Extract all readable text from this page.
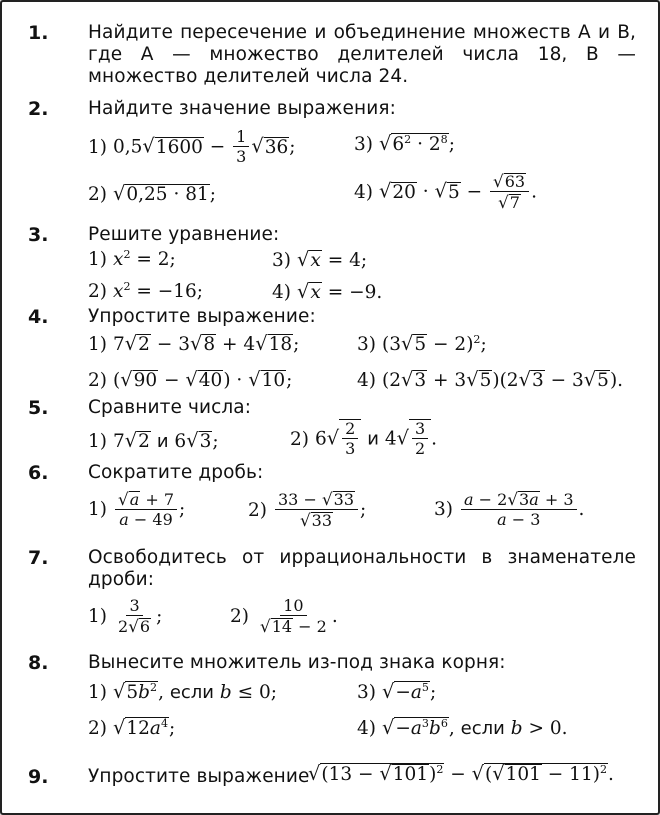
1. Найдите пересечение и объединение множеств A и B, где A — множество делителей числа 18, B — множество делителей числа 24.
2. Найдите значение выражения:
1) $0,5√1600 - \frac{1}{3} √36$;	3) $√6^2 \cdot 2^8$;
2) √0,25 · 81;	4) $√20 \cdot √5 - \frac{√63}{√7}$ .
3. Решите уравнение:
1) $x^2 = 2$;	3) √x = 4;
2) $x^2 = -16$;	4) √x = −9.
4. Упростите выражение:
1) 7√2 − 3√8 + 4√18;	3) $(3√5 - 2)^2$;
2) (√90 − √40) · √10;	4) (2√3 + 3√5)(2√3 − 3√5).
5. Сравните числа:
1) 7√2 и 6√3;	2) $6√ \frac{2}{3}$ и $4√ \frac{3}{2}$ .
6. Сократите дробь:
$1) \frac{√a + 7}{a - 49}$ ;	$2) \frac{33 - √33}{√33}$ ;	$3) \frac{a - 2√3a + 3}{a - 3}$ .
7. Освободитесь от иррациональности в знаменателе дроби:
$1) \frac{3}{2√6}$ ;	$2) \frac{10}{√14 - 2}$ .
8. Вынесите множитель из-под знака корня:
1) $√5b^2$, если b ≤ 0;	3) $√-a^5$;
2) $√12a^4$;	4) $√-a^3b^6$, если b > 0.
9. Упростите выражение
$√(13 - √101)^2 - √(√101 - 11)^2$.
